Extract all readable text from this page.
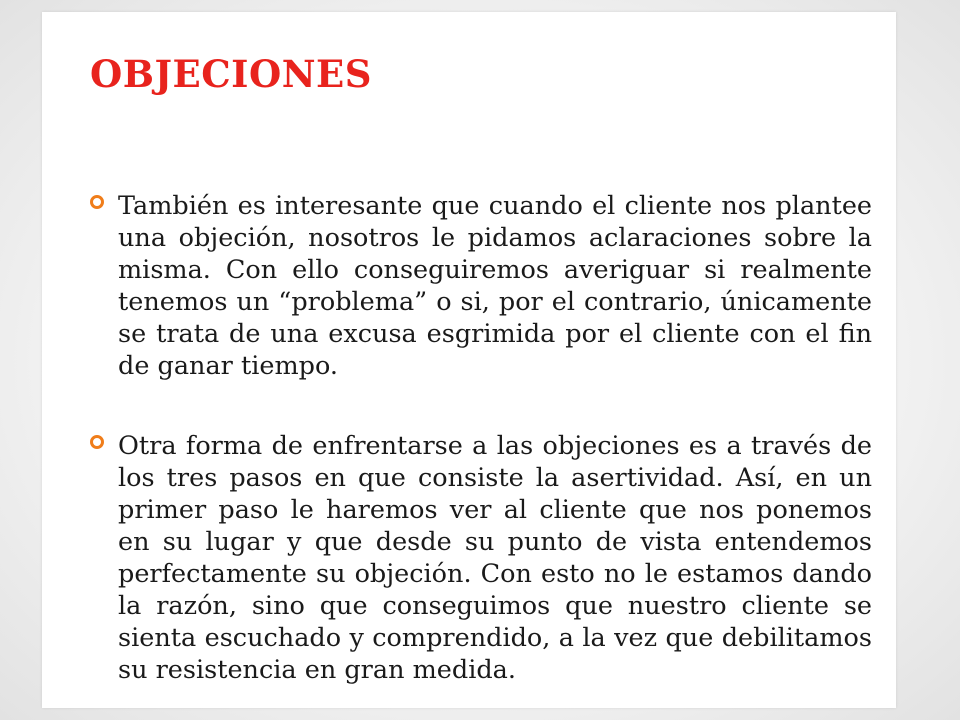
OBJECIONES

También es interesante que cuando el cliente nos plantee una objeción, nosotros le pidamos aclaraciones sobre la misma. Con ello conseguiremos averiguar si realmente tenemos un “problema” o si, por el contrario, únicamente se trata de una excusa esgrimida por el cliente con el fin de ganar tiempo.

Otra forma de enfrentarse a las objeciones es a través de los tres pasos en que consiste la asertividad. Así, en un primer paso le haremos ver al cliente que nos ponemos en su lugar y que desde su punto de vista entendemos perfectamente su objeción. Con esto no le estamos dando la razón, sino que conseguimos que nuestro cliente se sienta escuchado y comprendido, a la vez que debilitamos su resistencia en gran medida.
